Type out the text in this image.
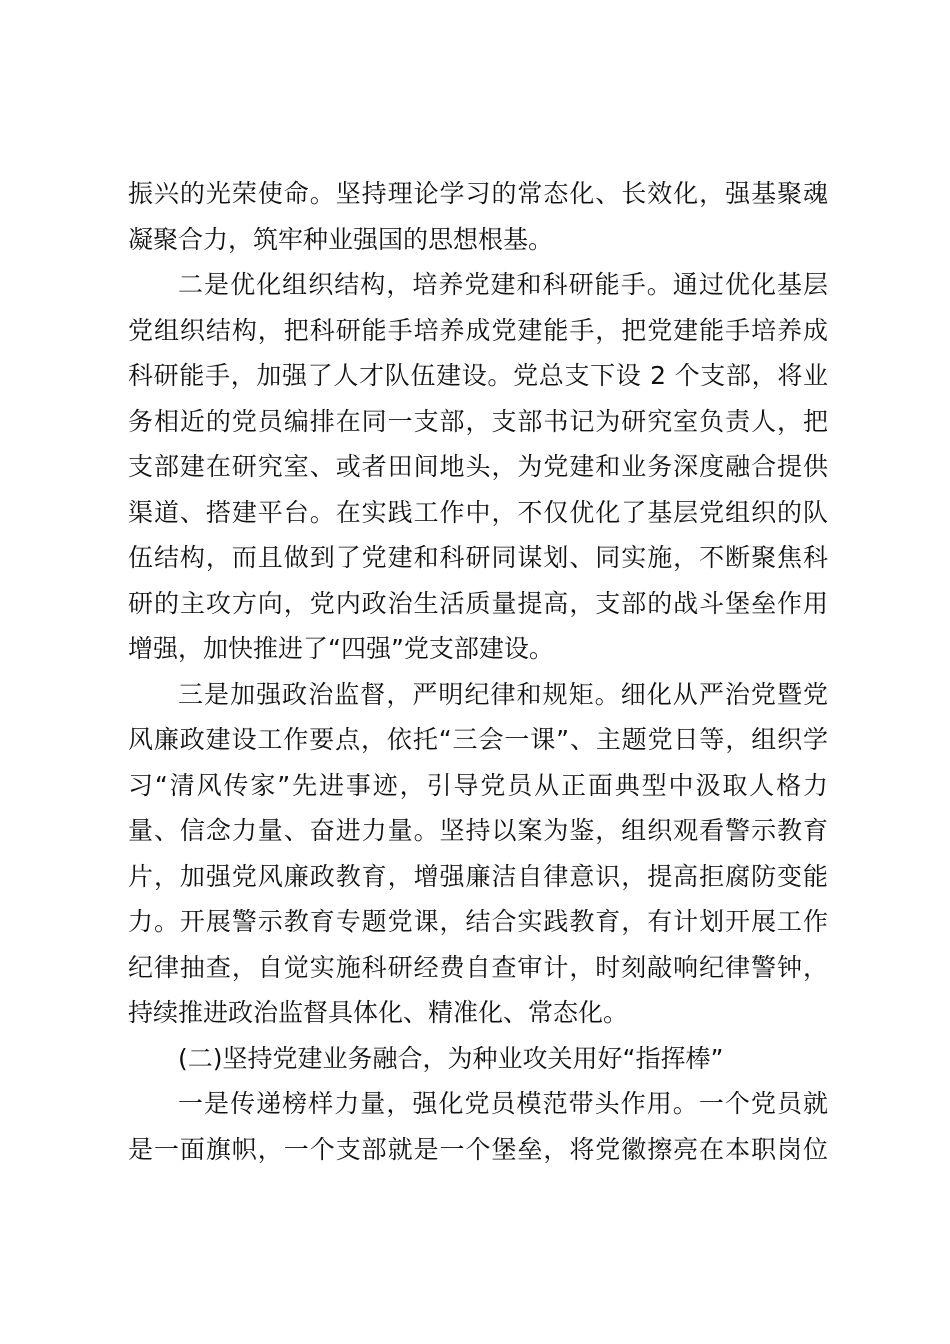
振兴的光荣使命。坚持理论学习的常态化、长效化，强基聚魂
凝聚合力，筑牢种业强国的思想根基。
二是优化组织结构，培养党建和科研能手。通过优化基层
党组织结构，把科研能手培养成党建能手，把党建能手培养成
科研能手，加强了人才队伍建设。党总支下设 2 个支部，将业
务相近的党员编排在同一支部，支部书记为研究室负责人，把
支部建在研究室、或者田间地头，为党建和业务深度融合提供
渠道、搭建平台。在实践工作中，不仅优化了基层党组织的队
伍结构，而且做到了党建和科研同谋划、同实施，不断聚焦科
研的主攻方向，党内政治生活质量提高，支部的战斗堡垒作用
增强，加快推进了“四强”党支部建设。
三是加强政治监督，严明纪律和规矩。细化从严治党暨党
风廉政建设工作要点，依托“三会一课”、主题党日等，组织学
习“清风传家”先进事迹，引导党员从正面典型中汲取人格力
量、信念力量、奋进力量。坚持以案为鉴，组织观看警示教育
片，加强党风廉政教育，增强廉洁自律意识，提高拒腐防变能
力。开展警示教育专题党课，结合实践教育，有计划开展工作
纪律抽查，自觉实施科研经费自查审计，时刻敲响纪律警钟，
持续推进政治监督具体化、精准化、常态化。
(二)坚持党建业务融合，为种业攻关用好“指挥棒”
一是传递榜样力量，强化党员模范带头作用。一个党员就
是一面旗帜，一个支部就是一个堡垒，将党徽擦亮在本职岗位
